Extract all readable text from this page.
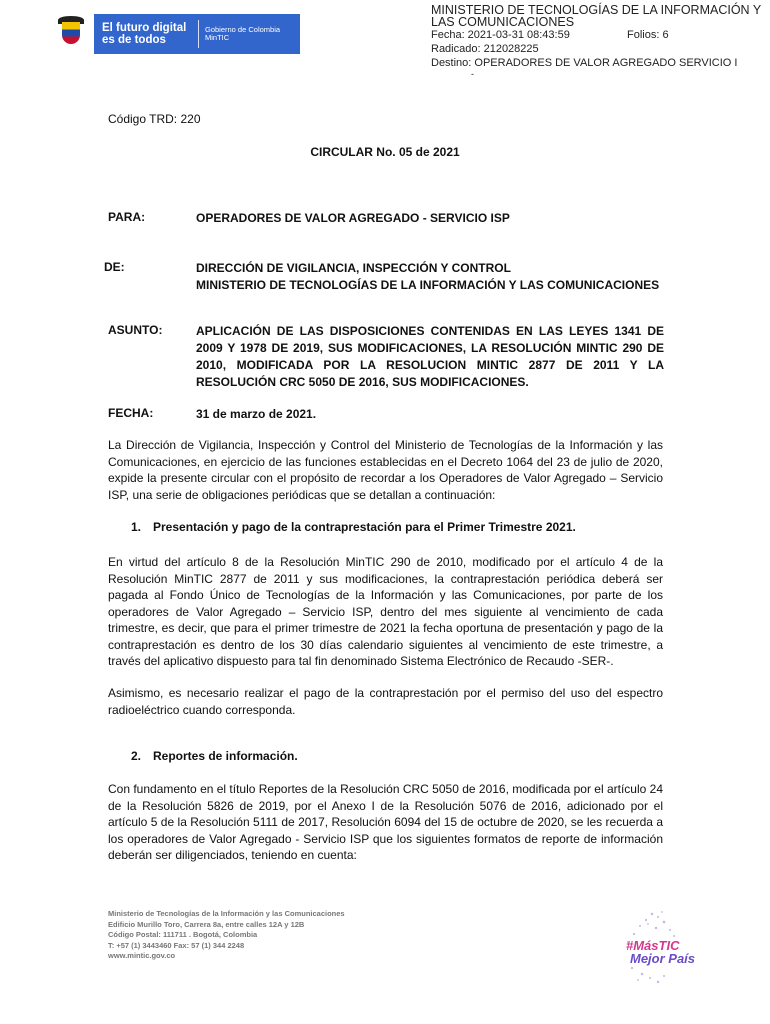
El futuro digital es de todos
Gobierno de Colombia MinTIC
MINISTERIO DE TECNOLOGÍAS DE LA INFORMACIÓN Y LAS COMUNICACIONES
Fecha: 2021-03-31 08:43:59	Folios: 6
Radicado: 212028225
Destino: OPERADORES DE VALOR AGREGADO SERVICIO I
-
Código TRD: 220
CIRCULAR No. 05 de 2021
PARA:	OPERADORES DE VALOR AGREGADO - SERVICIO ISP
DE:	DIRECCIÓN DE VIGILANCIA, INSPECCIÓN Y CONTROL
MINISTERIO DE TECNOLOGÍAS DE LA INFORMACIÓN Y LAS COMUNICACIONES
ASUNTO:	APLICACIÓN DE LAS DISPOSICIONES CONTENIDAS EN LAS LEYES 1341 DE 2009 Y 1978 DE 2019, SUS MODIFICACIONES, LA RESOLUCIÓN MINTIC 290 DE 2010, MODIFICADA POR LA RESOLUCION MINTIC 2877 DE 2011 Y LA RESOLUCIÓN CRC 5050 DE 2016, SUS MODIFICACIONES.
FECHA:	31 de marzo de 2021.
La Dirección de Vigilancia, Inspección y Control del Ministerio de Tecnologías de la Información y las Comunicaciones, en ejercicio de las funciones establecidas en el Decreto 1064 del 23 de julio de 2020, expide la presente circular con el propósito de recordar a los Operadores de Valor Agregado – Servicio ISP, una serie de obligaciones periódicas que se detallan a continuación:
1. Presentación y pago de la contraprestación para el Primer Trimestre 2021.
En virtud del artículo 8 de la Resolución MinTIC 290 de 2010, modificado por el artículo 4 de la Resolución MinTIC 2877 de 2011 y sus modificaciones, la contraprestación periódica deberá ser pagada al Fondo Único de Tecnologías de la Información y las Comunicaciones, por parte de los operadores de Valor Agregado – Servicio ISP, dentro del mes siguiente al vencimiento de cada trimestre, es decir, que para el primer trimestre de 2021 la fecha oportuna de presentación y pago de la contraprestación es dentro de los 30 días calendario siguientes al vencimiento de este trimestre, a través del aplicativo dispuesto para tal fin denominado Sistema Electrónico de Recaudo -SER-.
Asimismo, es necesario realizar el pago de la contraprestación por el permiso del uso del espectro radioeléctrico cuando corresponda.
2. Reportes de información.
Con fundamento en el título Reportes de la Resolución CRC 5050 de 2016, modificada por el artículo 24 de la Resolución 5826 de 2019, por el Anexo I de la Resolución 5076 de 2016, adicionado por el artículo 5 de la Resolución 5111 de 2017, Resolución 6094 del 15 de octubre de 2020, se les recuerda a los operadores de Valor Agregado - Servicio ISP que los siguientes formatos de reporte de información deberán ser diligenciados, teniendo en cuenta:
Ministerio de Tecnologías de la Información y las Comunicaciones
Edificio Murillo Toro, Carrera 8a, entre calles 12A y 12B
Código Postal: 111711 . Bogotá, Colombia
T: +57 (1) 3443460 Fax: 57 (1) 344 2248
www.mintic.gov.co
#MásTIC
Mejor País
